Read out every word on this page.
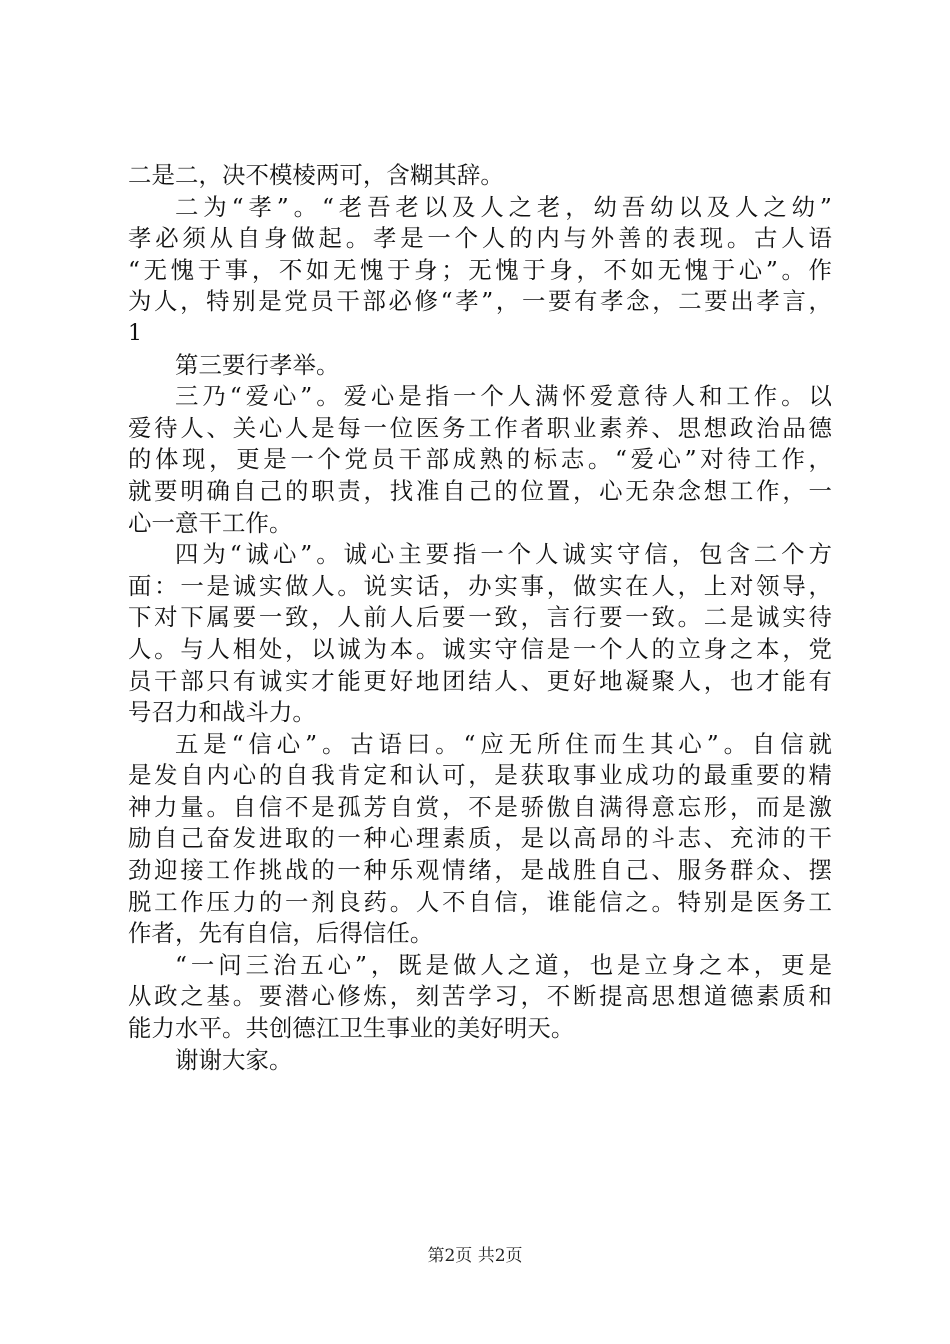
二是二，决不模棱两可，含糊其辞。
二为“孝”。“老吾老以及人之老，幼吾幼以及人之幼”
孝必须从自身做起。孝是一个人的内与外善的表现。古人语
“无愧于事，不如无愧于身；无愧于身，不如无愧于心”。作
为人，特别是党员干部必修“孝”，一要有孝念，二要出孝言，
1
第三要行孝举。
三乃“爱心”。爱心是指一个人满怀爱意待人和工作。以
爱待人、关心人是每一位医务工作者职业素养、思想政治品德
的体现，更是一个党员干部成熟的标志。“爱心”对待工作，
就要明确自己的职责，找准自己的位置，心无杂念想工作，一
心一意干工作。
四为“诚心”。诚心主要指一个人诚实守信，包含二个方
面：一是诚实做人。说实话，办实事，做实在人，上对领导，
下对下属要一致，人前人后要一致，言行要一致。二是诚实待
人。与人相处，以诚为本。诚实守信是一个人的立身之本，党
员干部只有诚实才能更好地团结人、更好地凝聚人，也才能有
号召力和战斗力。
五是“信心”。古语曰。“应无所住而生其心”。自信就
是发自内心的自我肯定和认可，是获取事业成功的最重要的精
神力量。自信不是孤芳自赏，不是骄傲自满得意忘形，而是激
励自己奋发进取的一种心理素质，是以高昂的斗志、充沛的干
劲迎接工作挑战的一种乐观情绪，是战胜自己、服务群众、摆
脱工作压力的一剂良药。人不自信，谁能信之。特别是医务工
作者，先有自信，后得信任。
“一问三治五心”，既是做人之道，也是立身之本，更是
从政之基。要潜心修炼，刻苦学习，不断提高思想道德素质和
能力水平。共创德江卫生事业的美好明天。
谢谢大家。
第2页 共2页
